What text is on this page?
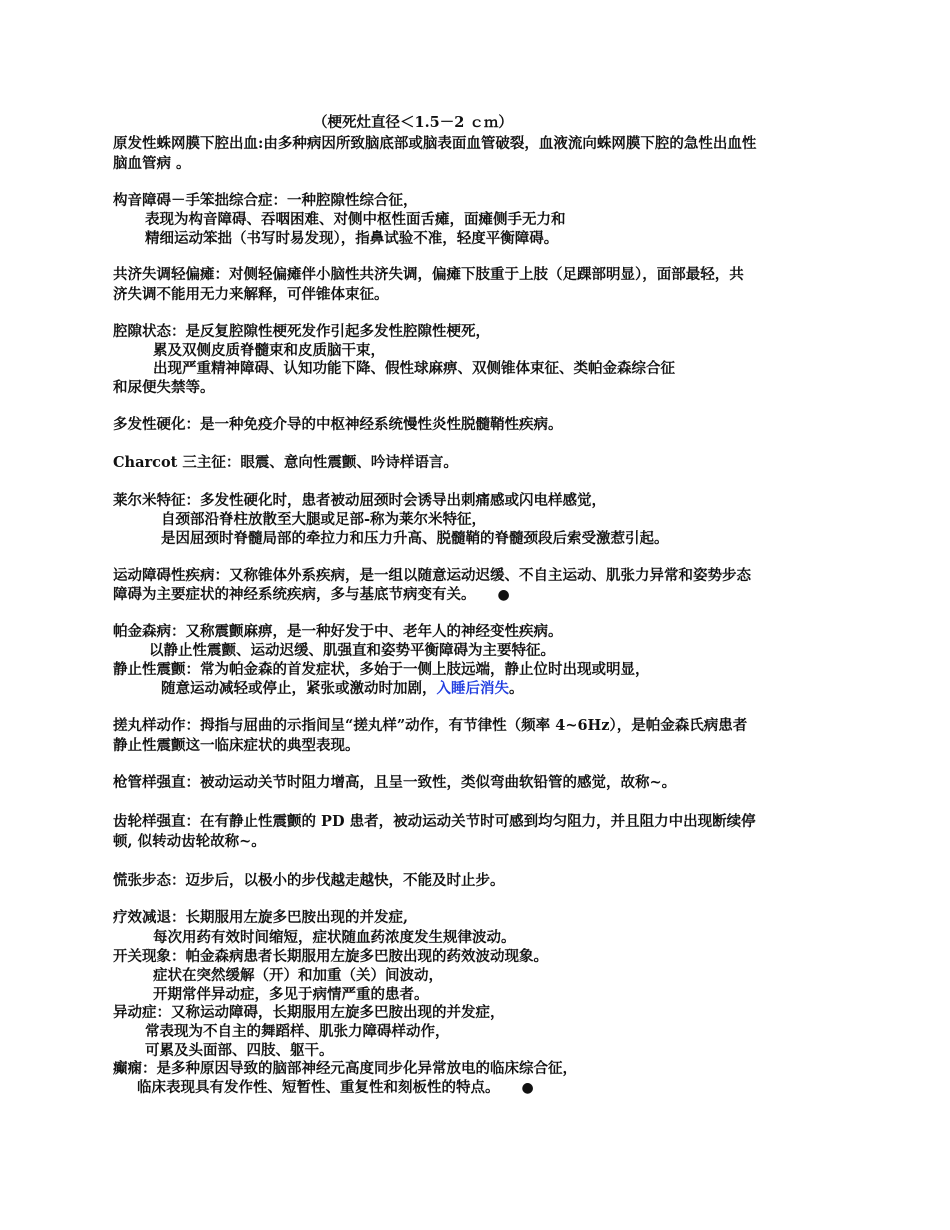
（梗死灶直径＜1.5－2 ｃｍ）
原发性蛛网膜下腔出血:由多种病因所致脑底部或脑表面血管破裂，血液流向蛛网膜下腔的急性出血性
脑血管病 。
构音障碍－手笨拙综合症：一种腔隙性综合征，
表现为构音障碍、吞咽困难、对侧中枢性面舌瘫，面瘫侧手无力和
精细运动笨拙（书写时易发现），指鼻试验不准，轻度平衡障碍。
共济失调轻偏瘫：对侧轻偏瘫伴小脑性共济失调，偏瘫下肢重于上肢（足踝部明显），面部最轻，共
济失调不能用无力来解释，可伴锥体束征。
腔隙状态：是反复腔隙性梗死发作引起多发性腔隙性梗死，
累及双侧皮质脊髓束和皮质脑干束，
出现严重精神障碍、认知功能下降、假性球麻痹、双侧锥体束征、类帕金森综合征
和尿便失禁等。
多发性硬化：是一种免疫介导的中枢神经系统慢性炎性脱髓鞘性疾病。
Charcot 三主征：眼震、意向性震颤、吟诗样语言。
莱尔米特征：多发性硬化时，患者被动屈颈时会诱导出刺痛感或闪电样感觉，
自颈部沿脊柱放散至大腿或足部-称为莱尔米特征，
是因屈颈时脊髓局部的牵拉力和压力升高、脱髓鞘的脊髓颈段后索受激惹引起。
运动障碍性疾病：又称锥体外系疾病，是一组以随意运动迟缓、不自主运动、肌张力异常和姿势步态
障碍为主要症状的神经系统疾病，多与基底节病变有关。 ●
帕金森病：又称震颤麻痹，是一种好发于中、老年人的神经变性疾病。
以静止性震颤、运动迟缓、肌强直和姿势平衡障碍为主要特征。
静止性震颤：常为帕金森的首发症状，多始于一侧上肢远端，静止位时出现或明显，
随意运动减轻或停止，紧张或激动时加剧，入睡后消失。
搓丸样动作：拇指与屈曲的示指间呈“搓丸样”动作，有节律性（频率 4~6Hz），是帕金森氏病患者
静止性震颤这一临床症状的典型表现。
枪管样强直：被动运动关节时阻力增高，且呈一致性，类似弯曲软铅管的感觉，故称~。
齿轮样强直：在有静止性震颤的 PD 患者，被动运动关节时可感到均匀阻力，并且阻力中出现断续停
顿, 似转动齿轮故称~。
慌张步态：迈步后，以极小的步伐越走越快，不能及时止步。
疗效减退：长期服用左旋多巴胺出现的并发症,
每次用药有效时间缩短，症状随血药浓度发生规律波动。
开关现象：帕金森病患者长期服用左旋多巴胺出现的药效波动现象。
症状在突然缓解（开）和加重（关）间波动，
开期常伴异动症，多见于病情严重的患者。
异动症：又称运动障碍，长期服用左旋多巴胺出现的并发症，
常表现为不自主的舞蹈样、肌张力障碍样动作，
可累及头面部、四肢、躯干。
癫痫：是多种原因导致的脑部神经元高度同步化异常放电的临床综合征，
临床表现具有发作性、短暂性、重复性和刻板性的特点。 ●
